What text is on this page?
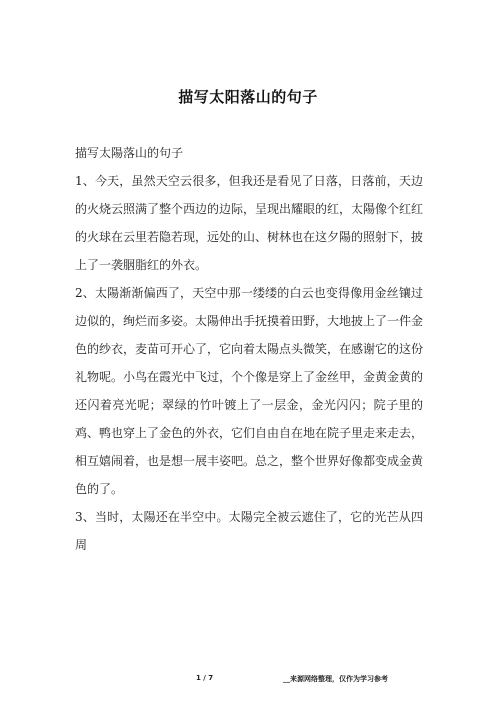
描写太阳落山的句子

描写太陽落山的句子

1、今天，虽然天空云很多，但我还是看见了日落，日落前，天边的火烧云照满了整个西边的边际，呈现出耀眼的红，太陽像个红红的火球在云里若隐若现，远处的山、树林也在这夕陽的照射下，披上了一袭胭脂红的外衣。

2、太陽渐渐偏西了，天空中那一缕缕的白云也变得像用金丝镶过边似的，绚烂而多姿。太陽伸出手抚摸着田野，大地披上了一件金色的纱衣，麦苗可开心了，它向着太陽点头微笑，在感谢它的这份礼物呢。小鸟在霞光中飞过，个个像是穿上了金丝甲，金黄金黄的还闪着亮光呢；翠绿的竹叶镀上了一层金，金光闪闪；院子里的鸡、鸭也穿上了金色的外衣，它们自由自在地在院子里走来走去，相互嬉闹着，也是想一展丰姿吧。总之，整个世界好像都变成金黄色的了。

3、当时，太陽还在半空中。太陽完全被云遮住了，它的光芒从四周

1 / 7	__来源网络整理，仅作为学习参考
